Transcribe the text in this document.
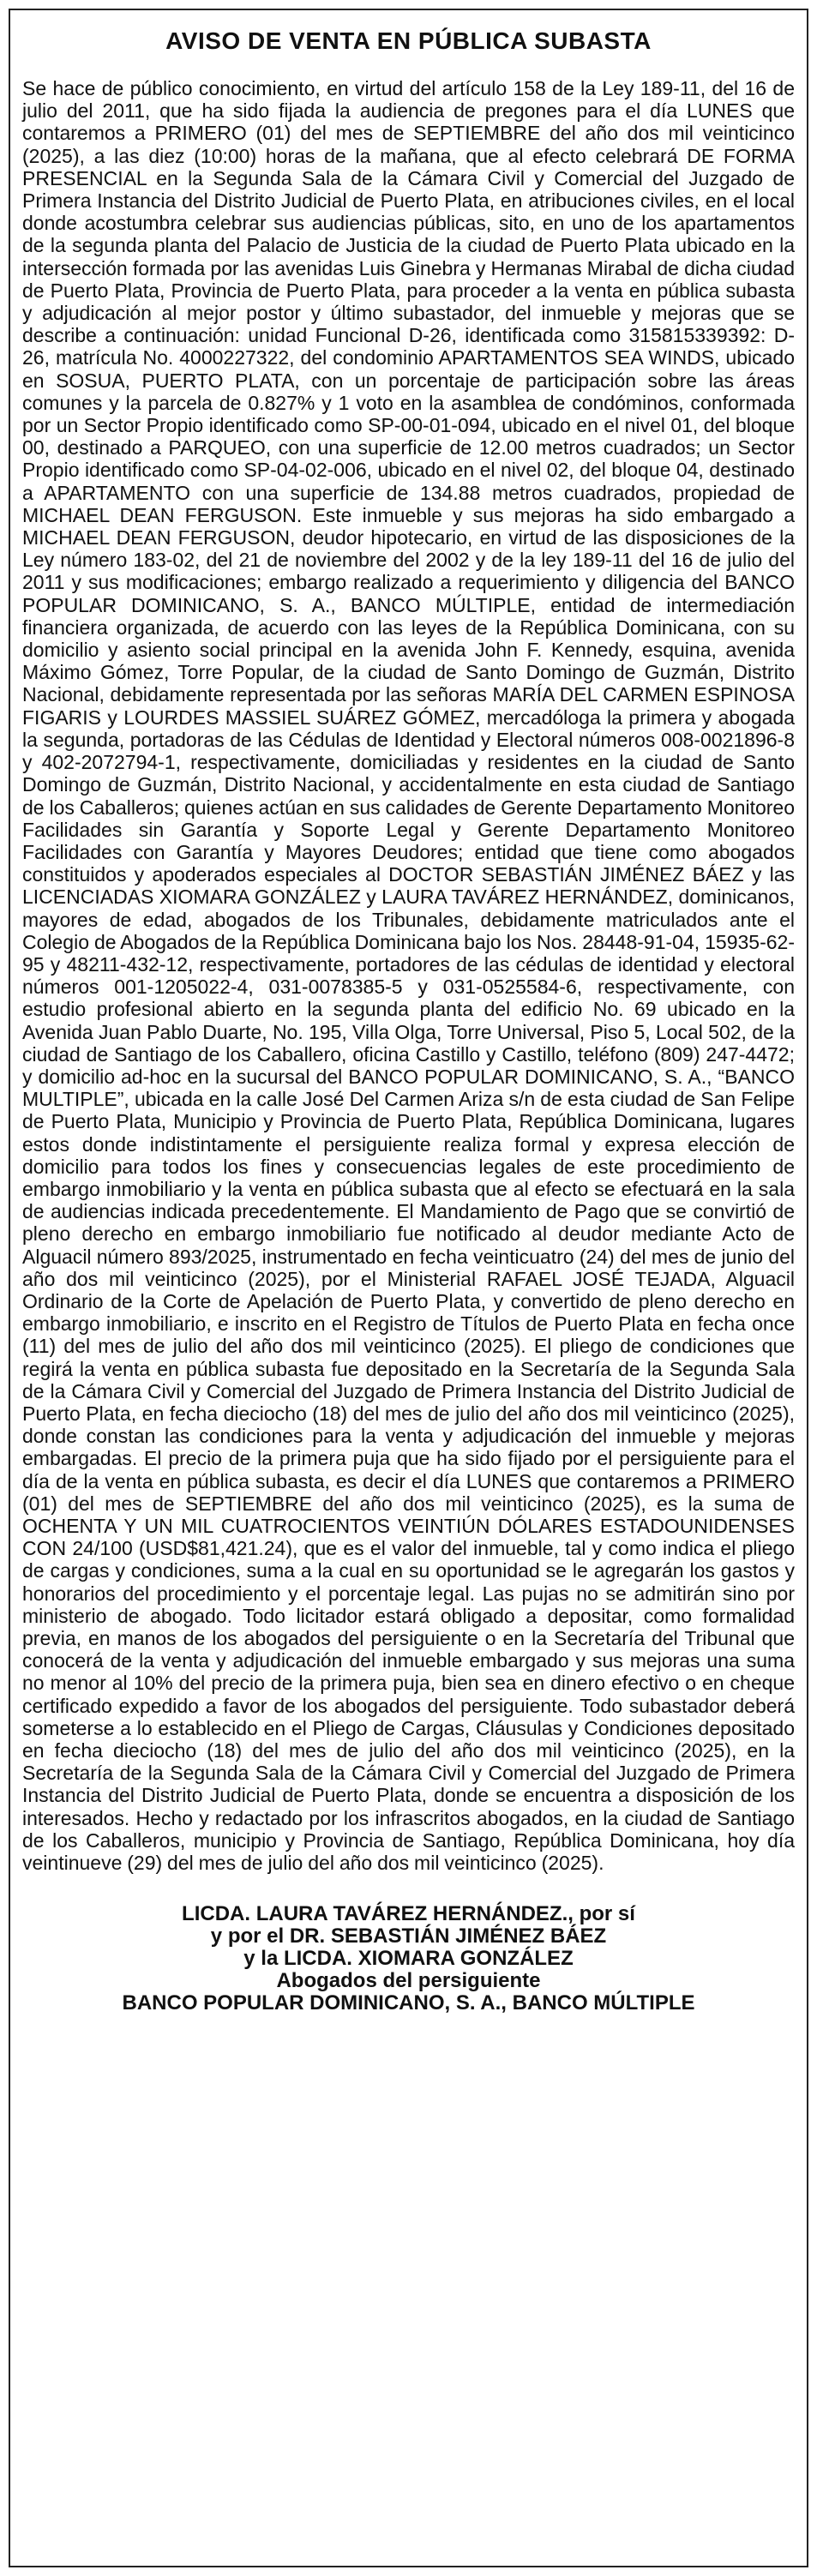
AVISO DE VENTA EN PÚBLICA SUBASTA

Se hace de público conocimiento, en virtud del artículo 158 de la Ley 189-11, del 16 de julio del 2011, que ha sido fijada la audiencia de pregones para el día LUNES que contaremos a PRIMERO (01) del mes de SEPTIEMBRE del año dos mil veinticinco (2025), a las diez (10:00) horas de la mañana, que al efecto celebrará DE FORMA PRESENCIAL en la Segunda Sala de la Cámara Civil y Comercial del Juzgado de Primera Instancia del Distrito Judicial de Puerto Plata, en atribuciones civiles, en el local donde acostumbra celebrar sus audiencias públicas, sito, en uno de los apartamentos de la segunda planta del Palacio de Justicia de la ciudad de Puerto Plata ubicado en la intersección formada por las avenidas Luis Ginebra y Hermanas Mirabal de dicha ciudad de Puerto Plata, Provincia de Puerto Plata, para proceder a la venta en pública subasta y adjudicación al mejor postor y último subastador, del inmueble y mejoras que se describe a continuación: unidad Funcional D-26, identificada como 315815339392: D-26, matrícula No. 4000227322, del condominio APARTAMENTOS SEA WINDS, ubicado en SOSUA, PUERTO PLATA, con un porcentaje de participación sobre las áreas comunes y la parcela de 0.827% y 1 voto en la asamblea de condóminos, conformada por un Sector Propio identificado como SP-00-01-094, ubicado en el nivel 01, del bloque 00, destinado a PARQUEO, con una superficie de 12.00 metros cuadrados; un Sector Propio identificado como SP-04-02-006, ubicado en el nivel 02, del bloque 04, destinado a APARTAMENTO con una superficie de 134.88 metros cuadrados, propiedad de MICHAEL DEAN FERGUSON. Este inmueble y sus mejoras ha sido embargado a MICHAEL DEAN FERGUSON, deudor hipotecario, en virtud de las disposiciones de la Ley número 183-02, del 21 de noviembre del 2002 y de la ley 189-11 del 16 de julio del 2011 y sus modificaciones; embargo realizado a requerimiento y diligencia del BANCO POPULAR DOMINICANO, S. A., BANCO MÚLTIPLE, entidad de intermediación financiera organizada, de acuerdo con las leyes de la República Dominicana, con su domicilio y asiento social principal en la avenida John F. Kennedy, esquina, avenida Máximo Gómez, Torre Popular, de la ciudad de Santo Domingo de Guzmán, Distrito Nacional, debidamente representada por las señoras MARÍA DEL CARMEN ESPINOSA FIGARIS y LOURDES MASSIEL SUÁREZ GÓMEZ, mercadóloga la primera y abogada la segunda, portadoras de las Cédulas de Identidad y Electoral números 008-0021896-8 y 402-2072794-1, respectivamente, domiciliadas y residentes en la ciudad de Santo Domingo de Guzmán, Distrito Nacional, y accidentalmente en esta ciudad de Santiago de los Caballeros; quienes actúan en sus calidades de Gerente Departamento Monitoreo Facilidades sin Garantía y Soporte Legal y Gerente Departamento Monitoreo Facilidades con Garantía y Mayores Deudores; entidad que tiene como abogados constituidos y apoderados especiales al DOCTOR SEBASTIÁN JIMÉNEZ BÁEZ y las LICENCIADAS XIOMARA GONZÁLEZ y LAURA TAVÁREZ HERNÁNDEZ, dominicanos, mayores de edad, abogados de los Tribunales, debidamente matriculados ante el Colegio de Abogados de la República Dominicana bajo los Nos. 28448-91-04, 15935-62-95 y 48211-432-12, respectivamente, portadores de las cédulas de identidad y electoral números 001-1205022-4, 031-0078385-5 y 031-0525584-6, respectivamente, con estudio profesional abierto en la segunda planta del edificio No. 69 ubicado en la Avenida Juan Pablo Duarte, No. 195, Villa Olga, Torre Universal, Piso 5, Local 502, de la ciudad de Santiago de los Caballero, oficina Castillo y Castillo, teléfono (809) 247-4472; y domicilio ad-hoc en la sucursal del BANCO POPULAR DOMINICANO, S. A., “BANCO MULTIPLE”, ubicada en la calle José Del Carmen Ariza s/n de esta ciudad de San Felipe de Puerto Plata, Municipio y Provincia de Puerto Plata, República Dominicana, lugares estos donde indistintamente el persiguiente realiza formal y expresa elección de domicilio para todos los fines y consecuencias legales de este procedimiento de embargo inmobiliario y la venta en pública subasta que al efecto se efectuará en la sala de audiencias indicada precedentemente. El Mandamiento de Pago que se convirtió de pleno derecho en embargo inmobiliario fue notificado al deudor mediante Acto de Alguacil número 893/2025, instrumentado en fecha veinticuatro (24) del mes de junio del año dos mil veinticinco (2025), por el Ministerial RAFAEL JOSÉ TEJADA, Alguacil Ordinario de la Corte de Apelación de Puerto Plata, y convertido de pleno derecho en embargo inmobiliario, e inscrito en el Registro de Títulos de Puerto Plata en fecha once (11) del mes de julio del año dos mil veinticinco (2025). El pliego de condiciones que regirá la venta en pública subasta fue depositado en la Secretaría de la Segunda Sala de la Cámara Civil y Comercial del Juzgado de Primera Instancia del Distrito Judicial de Puerto Plata, en fecha dieciocho (18) del mes de julio del año dos mil veinticinco (2025), donde constan las condiciones para la venta y adjudicación del inmueble y mejoras embargadas. El precio de la primera puja que ha sido fijado por el persiguiente para el día de la venta en pública subasta, es decir el día LUNES que contaremos a PRIMERO (01) del mes de SEPTIEMBRE del año dos mil veinticinco (2025), es la suma de OCHENTA Y UN MIL CUATROCIENTOS VEINTIÚN DÓLARES ESTADOUNIDENSES CON 24/100 (USD$81,421.24), que es el valor del inmueble, tal y como indica el pliego de cargas y condiciones, suma a la cual en su oportunidad se le agregarán los gastos y honorarios del procedimiento y el porcentaje legal. Las pujas no se admitirán sino por ministerio de abogado. Todo licitador estará obligado a depositar, como formalidad previa, en manos de los abogados del persiguiente o en la Secretaría del Tribunal que conocerá de la venta y adjudicación del inmueble embargado y sus mejoras una suma no menor al 10% del precio de la primera puja, bien sea en dinero efectivo o en cheque certificado expedido a favor de los abogados del persiguiente. Todo subastador deberá someterse a lo establecido en el Pliego de Cargas, Cláusulas y Condiciones depositado en fecha dieciocho (18) del mes de julio del año dos mil veinticinco (2025), en la Secretaría de la Segunda Sala de la Cámara Civil y Comercial del Juzgado de Primera Instancia del Distrito Judicial de Puerto Plata, donde se encuentra a disposición de los interesados. Hecho y redactado por los infrascritos abogados, en la ciudad de Santiago de los Caballeros, municipio y Provincia de Santiago, República Dominicana, hoy día veintinueve (29) del mes de julio del año dos mil veinticinco (2025).

LICDA. LAURA TAVÁREZ HERNÁNDEZ., por sí
y por el DR. SEBASTIÁN JIMÉNEZ BÁEZ
y la LICDA. XIOMARA GONZÁLEZ
Abogados del persiguiente
BANCO POPULAR DOMINICANO, S. A., BANCO MÚLTIPLE
